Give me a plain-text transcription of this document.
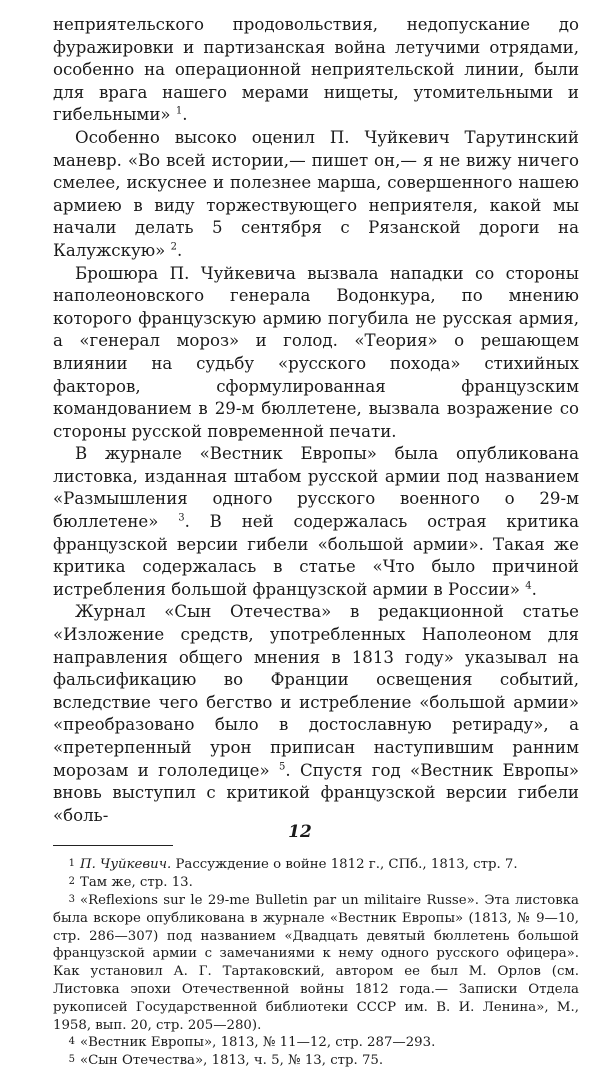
неприятельского продовольствия, недопускание до фуражировки и партизанская война летучими отрядами, особенно на операционной неприятельской линии, были для врага нашего мерами нищеты, утомительными и гибельными» $^1$.

Особенно высоко оценил П. Чуйкевич Тарутинский маневр. «Во всей истории,— пишет он,— я не вижу ничего смелее, искуснее и полезнее марша, совершенного нашею армиею в виду торжествующего неприятеля, какой мы начали делать 5 сентября с Рязанской дороги на Калужскую» $^2$.

Брошюра П. Чуйкевича вызвала нападки со стороны наполеоновского генерала Водонкура, по мнению которого французскую армию погубила не русская армия, а «генерал мороз» и голод. «Теория» о решающем влиянии на судьбу «русского похода» стихийных факторов, сформулированная французским командованием в 29-м бюллетене, вызвала возражение со стороны русской повременной печати.

В журнале «Вестник Европы» была опубликована листовка, изданная штабом русской армии под названием «Размышления одного русского военного о 29-м бюллетене» $^3$. В ней содержалась острая критика французской версии гибели «большой армии». Такая же критика содержалась в статье «Что было причиной истребления большой французской армии в России» $^4$.

Журнал «Сын Отечества» в редакционной статье «Изложение средств, употребленных Наполеоном для направления общего мнения в 1813 году» указывал на фальсификацию во Франции освещения событий, вследствие чего бегство и истребление «большой армии» «преобразовано было в достославную ретираду», а «претерпенный урон приписан наступившим ранним морозам и гололедице» $^5$. Спустя год «Вестник Европы» вновь выступил с критикой французской версии гибели «боль-

1 П. Чуйкевич. Рассуждение о войне 1812 г., СПб., 1813, стр. 7.

2 Там же, стр. 13.

3 «Reflexions sur le 29-me Bulletin par un militaire Russe». Эта листовка была вскоре опубликована в журнале «Вестник Европы» (1813, № 9—10, стр. 286—307) под названием «Двадцать девятый бюллетень большой французской армии с замечаниями к нему одного русского офицера». Как установил А. Г. Тартаковский, автором ее был М. Орлов (см. Листовка эпохи Отечественной войны 1812 года.— Записки Отдела рукописей Государственной библиотеки СССР им. В. И. Ленина», М., 1958, вып. 20, стр. 205—280).

4 «Вестник Европы», 1813, № 11—12, стр. 287—293.

5 «Сын Отечества», 1813, ч. 5, № 13, стр. 75.

12
